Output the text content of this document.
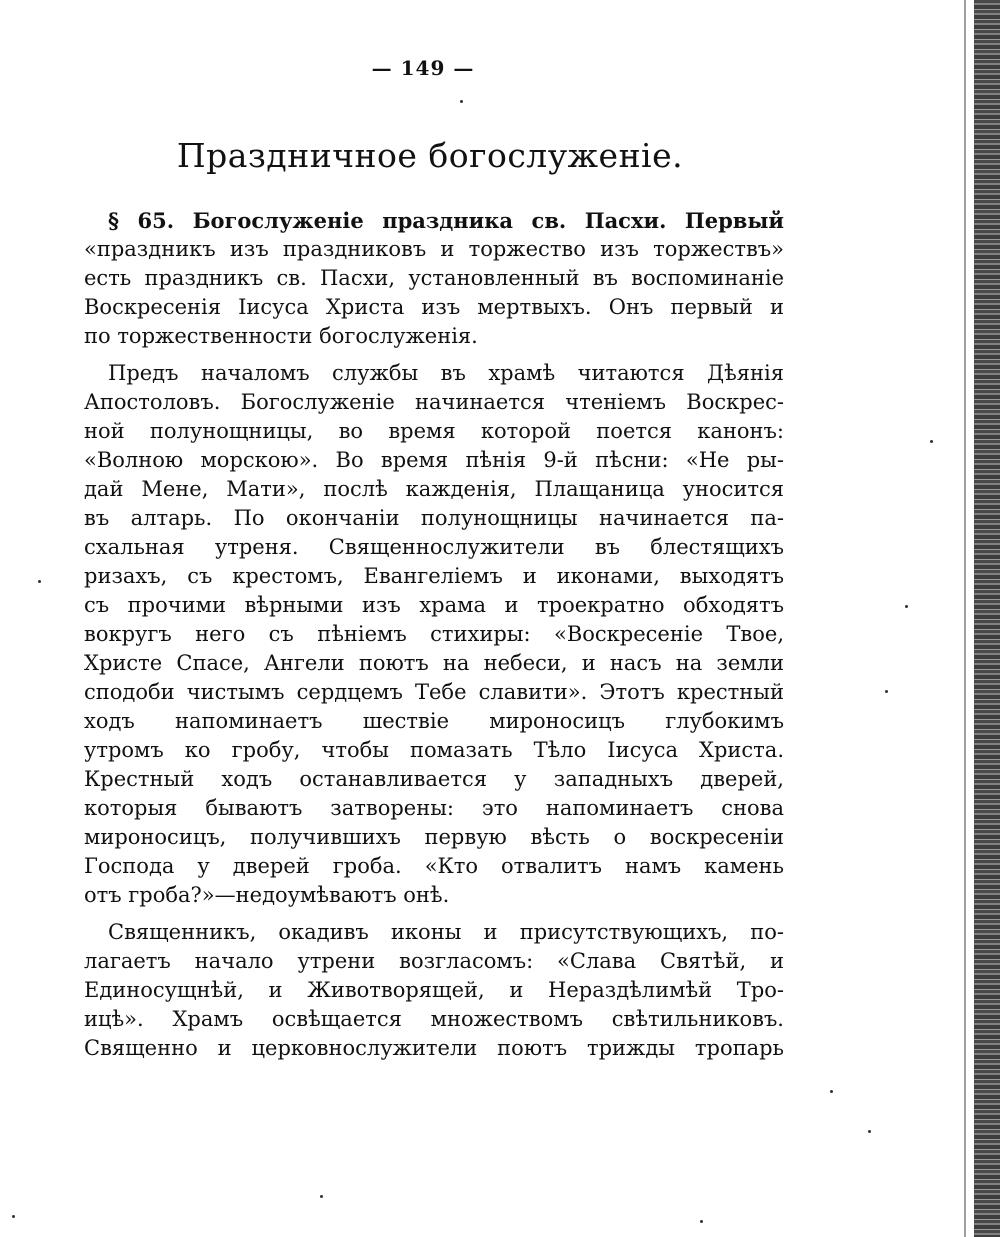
— 149 —
Праздничное богослуженіе.
§ 65. Богослуженіе праздника св. Пасхи. Первый
«праздникъ изъ праздниковъ и торжество изъ торжествъ»
есть праздникъ св. Пасхи, установленный въ воспоминаніе
Воскресенія Іисуса Христа изъ мертвыхъ. Онъ первый и
по торжественности богослуженія.
Предъ началомъ службы въ храмѣ читаются Дѣянія
Апостоловъ. Богослуженіе начинается чтеніемъ Воскрес-
ной полунощницы, во время которой поется канонъ:
«Волною морскою». Во время пѣнія 9-й пѣсни: «Не ры-
дай Мене, Мати», послѣ кажденія, Плащаница уносится
въ алтарь. По окончаніи полунощницы начинается па-
схальная утреня. Священнослужители въ блестящихъ
ризахъ, съ крестомъ, Евангеліемъ и иконами, выходятъ
съ прочими вѣрными изъ храма и троекратно обходятъ
вокругъ него съ пѣніемъ стихиры: «Воскресеніе Твое,
Христе Спасе, Ангели поютъ на небеси, и насъ на земли
сподоби чистымъ сердцемъ Тебе славити». Этотъ крестный
ходъ напоминаетъ шествіе мироносицъ глубокимъ
утромъ ко гробу, чтобы помазать Тѣло Іисуса Христа.
Крестный ходъ останавливается у западныхъ дверей,
которыя бываютъ затворены: это напоминаетъ снова
мироносицъ, получившихъ первую вѣсть о воскресеніи
Господа у дверей гроба. «Кто отвалитъ намъ камень
отъ гроба?»—недоумѣваютъ онѣ.
Священникъ, окадивъ иконы и присутствующихъ, по-
лагаетъ начало утрени возгласомъ: «Слава Святѣй, и
Единосущнѣй, и Животворящей, и Нераздѣлимѣй Тро-
ицѣ». Храмъ освѣщается множествомъ свѣтильниковъ.
Священно и церковнослужители поютъ трижды тропарь
